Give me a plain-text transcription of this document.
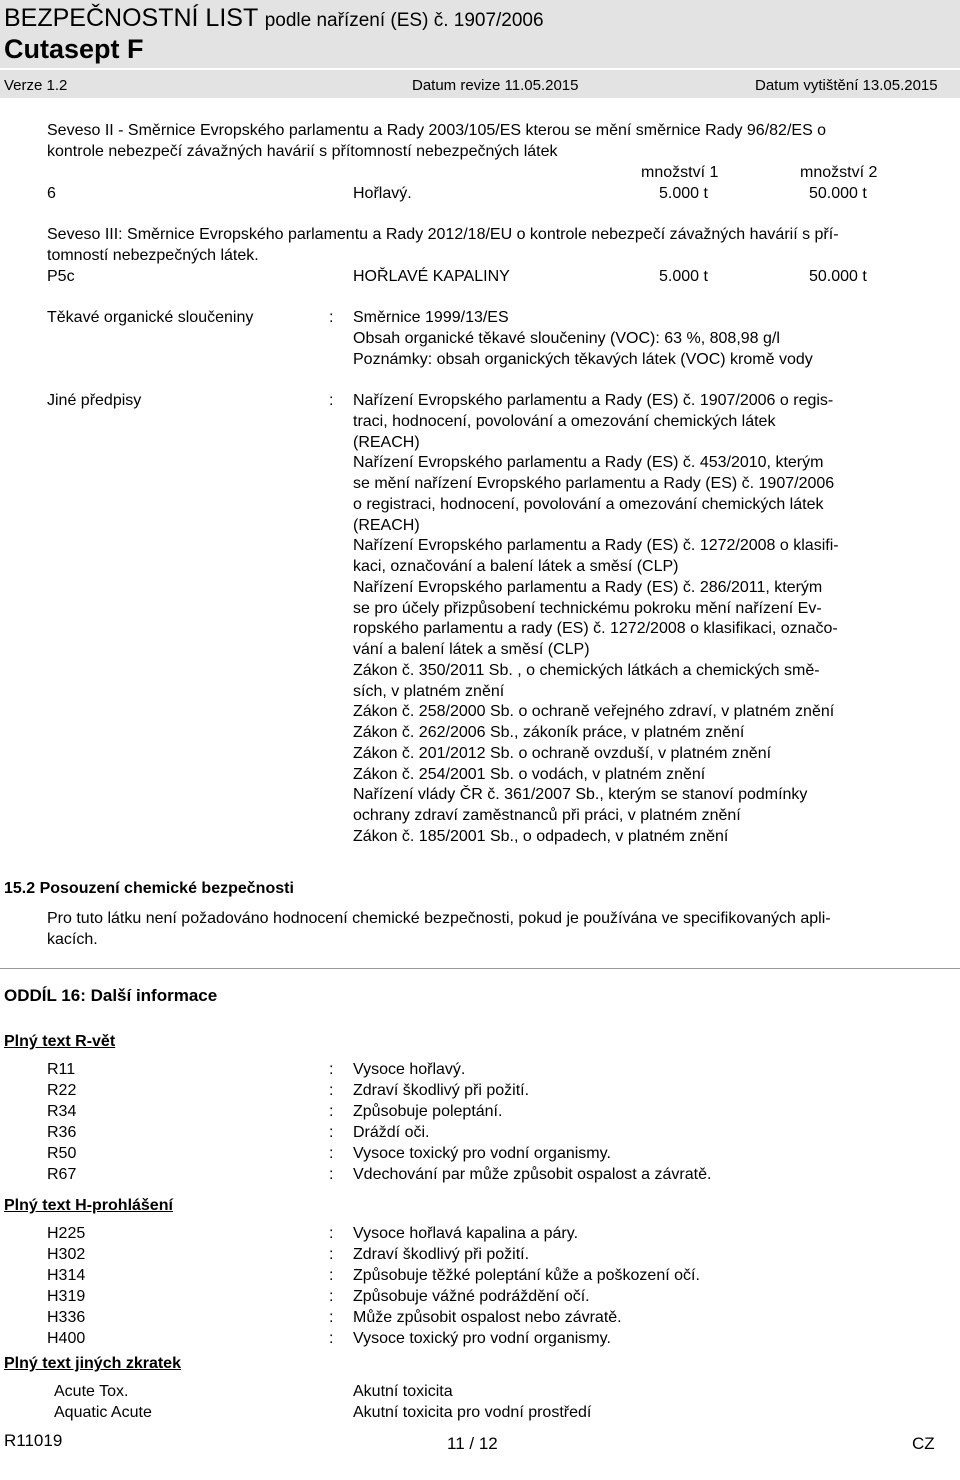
BEZPEČNOSTNÍ LIST podle nařízení (ES) č. 1907/2006
Cutasept F
Verze 1.2	Datum revize 11.05.2015	Datum vytištění 13.05.2015
Seveso II - Směrnice Evropského parlamentu a Rady 2003/105/ES kterou se mění směrnice Rady 96/82/ES o
kontrole nebezpečí závažných havárií s přítomností nebezpečných látek
množství 1	množství 2
6	Hořlavý.	5.000 t	50.000 t
Seveso III: Směrnice Evropského parlamentu a Rady 2012/18/EU o kontrole nebezpečí závažných havárií s pří-
tomností nebezpečných látek.
P5c	HOŘLAVÉ KAPALINY	5.000 t	50.000 t
Těkavé organické sloučeniny	: Směrnice 1999/13/ES
Obsah organické těkavé sloučeniny (VOC): 63 %, 808,98 g/l
Poznámky: obsah organických těkavých látek (VOC) kromě vody
Jiné předpisy	: Nařízení Evropského parlamentu a Rady (ES) č. 1907/2006 o regis-
traci, hodnocení, povolování a omezování chemických látek
(REACH)
Nařízení Evropského parlamentu a Rady (ES) č. 453/2010, kterým
se mění nařízení Evropského parlamentu a Rady (ES) č. 1907/2006
o registraci, hodnocení, povolování a omezování chemických látek
(REACH)
Nařízení Evropského parlamentu a Rady (ES) č. 1272/2008 o klasifi-
kaci, označování a balení látek a směsí (CLP)
Nařízení Evropského parlamentu a Rady (ES) č. 286/2011, kterým
se pro účely přizpůsobení technickému pokroku mění nařízení Ev-
ropského parlamentu a rady (ES) č. 1272/2008 o klasifikaci, označo-
vání a balení látek a směsí (CLP)
Zákon č. 350/2011 Sb. , o chemických látkách a chemických smě-
sích, v platném znění
Zákon č. 258/2000 Sb. o ochraně veřejného zdraví, v platném znění
Zákon č. 262/2006 Sb., zákoník práce, v platném znění
Zákon č. 201/2012 Sb. o ochraně ovzduší, v platném znění
Zákon č. 254/2001 Sb. o vodách, v platném znění
Nařízení vlády ČR č. 361/2007 Sb., kterým se stanoví podmínky
ochrany zdraví zaměstnanců při práci, v platném znění
Zákon č. 185/2001 Sb., o odpadech, v platném znění
15.2 Posouzení chemické bezpečnosti
Pro tuto látku není požadováno hodnocení chemické bezpečnosti, pokud je používána ve specifikovaných apli-
kacích.
ODDÍL 16: Další informace
Plný text R-vět
R11	: Vysoce hořlavý.
R22	: Zdraví škodlivý při požití.
R34	: Způsobuje poleptání.
R36	: Dráždí oči.
R50	: Vysoce toxický pro vodní organismy.
R67	: Vdechování par může způsobit ospalost a závratě.
Plný text H-prohlášení
H225	: Vysoce hořlavá kapalina a páry.
H302	: Zdraví škodlivý při požití.
H314	: Způsobuje těžké poleptání kůže a poškození očí.
H319	: Způsobuje vážné podráždění očí.
H336	: Může způsobit ospalost nebo závratě.
H400	: Vysoce toxický pro vodní organismy.
Plný text jiných zkratek
Acute Tox.	Akutní toxicita
Aquatic Acute	Akutní toxicita pro vodní prostředí
R11019	11 / 12	CZ
